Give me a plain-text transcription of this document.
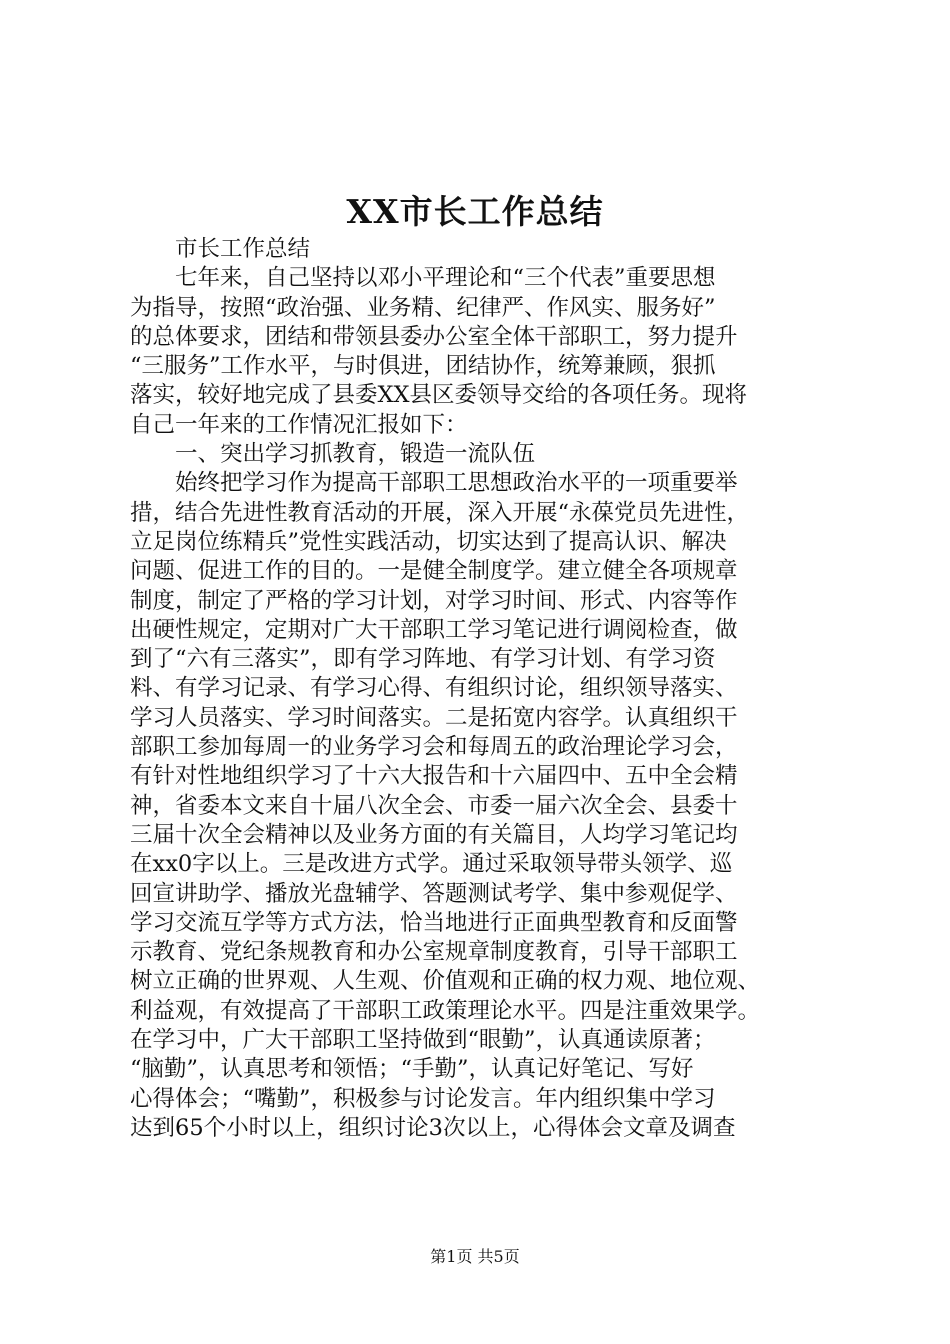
XX市长工作总结
　　市长工作总结
　　七年来，自己坚持以邓小平理论和“三个代表”重要思想
为指导，按照“政治强、业务精、纪律严、作风实、服务好”
的总体要求，团结和带领县委办公室全体干部职工，努力提升
“三服务”工作水平，与时俱进，团结协作，统筹兼顾，狠抓
落实，较好地完成了县委XX县区委领导交给的各项任务。现将
自己一年来的工作情况汇报如下：
　　一、突出学习抓教育，锻造一流队伍
　　始终把学习作为提高干部职工思想政治水平的一项重要举
措，结合先进性教育活动的开展，深入开展“永葆党员先进性，
立足岗位练精兵”党性实践活动，切实达到了提高认识、解决
问题、促进工作的目的。一是健全制度学。建立健全各项规章
制度，制定了严格的学习计划，对学习时间、形式、内容等作
出硬性规定，定期对广大干部职工学习笔记进行调阅检查，做
到了“六有三落实”，即有学习阵地、有学习计划、有学习资
料、有学习记录、有学习心得、有组织讨论，组织领导落实、
学习人员落实、学习时间落实。二是拓宽内容学。认真组织干
部职工参加每周一的业务学习会和每周五的政治理论学习会，
有针对性地组织学习了十六大报告和十六届四中、五中全会精
神，省委本文来自十届八次全会、市委一届六次全会、县委十
三届十次全会精神以及业务方面的有关篇目，人均学习笔记均
在xx0字以上。三是改进方式学。通过采取领导带头领学、巡
回宣讲助学、播放光盘辅学、答题测试考学、集中参观促学、
学习交流互学等方式方法，恰当地进行正面典型教育和反面警
示教育、党纪条规教育和办公室规章制度教育，引导干部职工
树立正确的世界观、人生观、价值观和正确的权力观、地位观、
利益观，有效提高了干部职工政策理论水平。四是注重效果学。
在学习中，广大干部职工坚持做到“眼勤”，认真通读原著；
“脑勤”，认真思考和领悟；“手勤”，认真记好笔记、写好
心得体会；“嘴勤”，积极参与讨论发言。年内组织集中学习
达到65个小时以上，组织讨论3次以上，心得体会文章及调查

第1页 共5页
